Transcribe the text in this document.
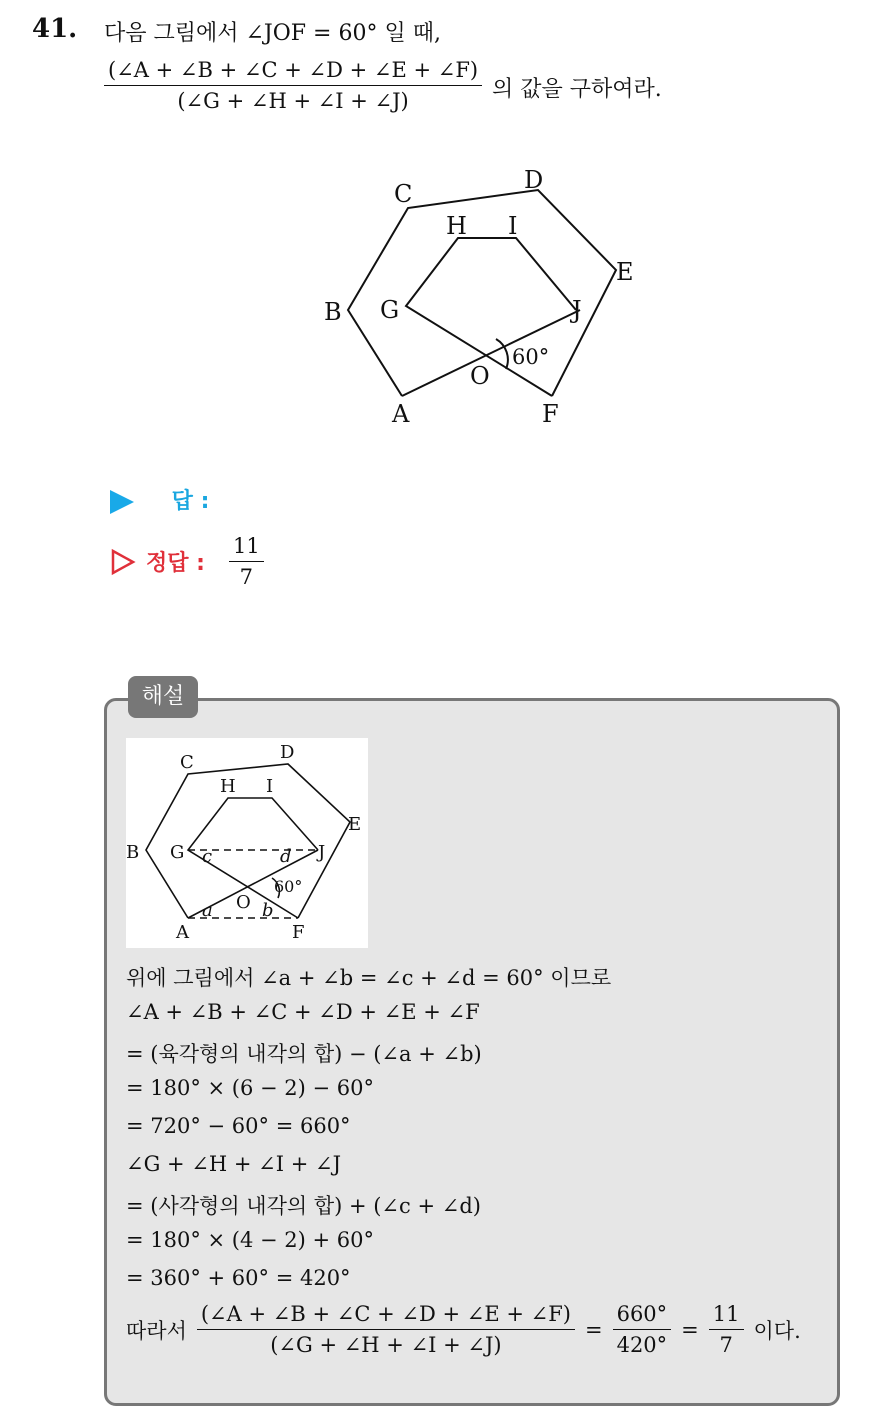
41. 다음 그림에서 ∠JOF = 60° 일 때,
$\frac{(\angle A + \angle B + \angle C + \angle D + \angle E + \angle F)}{(\angle G + \angle H + \angle I + \angle J)}$ 의 값을 구하여라.
C	D
E
B
A	F
G
H I
J
O
60°
답 :
정답 : $\frac{11}{7}$
해설
C	D
E
B
A	F
G
H I
J
O
60°
a	b
c	d
위에 그림에서 ∠a + ∠b = ∠c + ∠d = 60° 이므로
∠A + ∠B + ∠C + ∠D + ∠E + ∠F
= (육각형의 내각의 합) − (∠a + ∠b)
= 180° × (6 − 2) − 60°
= 720° − 60° = 660°
∠G + ∠H + ∠I + ∠J
= (사각형의 내각의 합) + (∠c + ∠d)
= 180° × (4 − 2) + 60°
= 360° + 60° = 420°
따라서 $\frac{(\angle A + \angle B + \angle C + \angle D + \angle E + \angle F)}{(\angle G + \angle H + \angle I + \angle J)} = \frac{660^\circ}{420^\circ} = \frac{11}{7}$ 이다.
